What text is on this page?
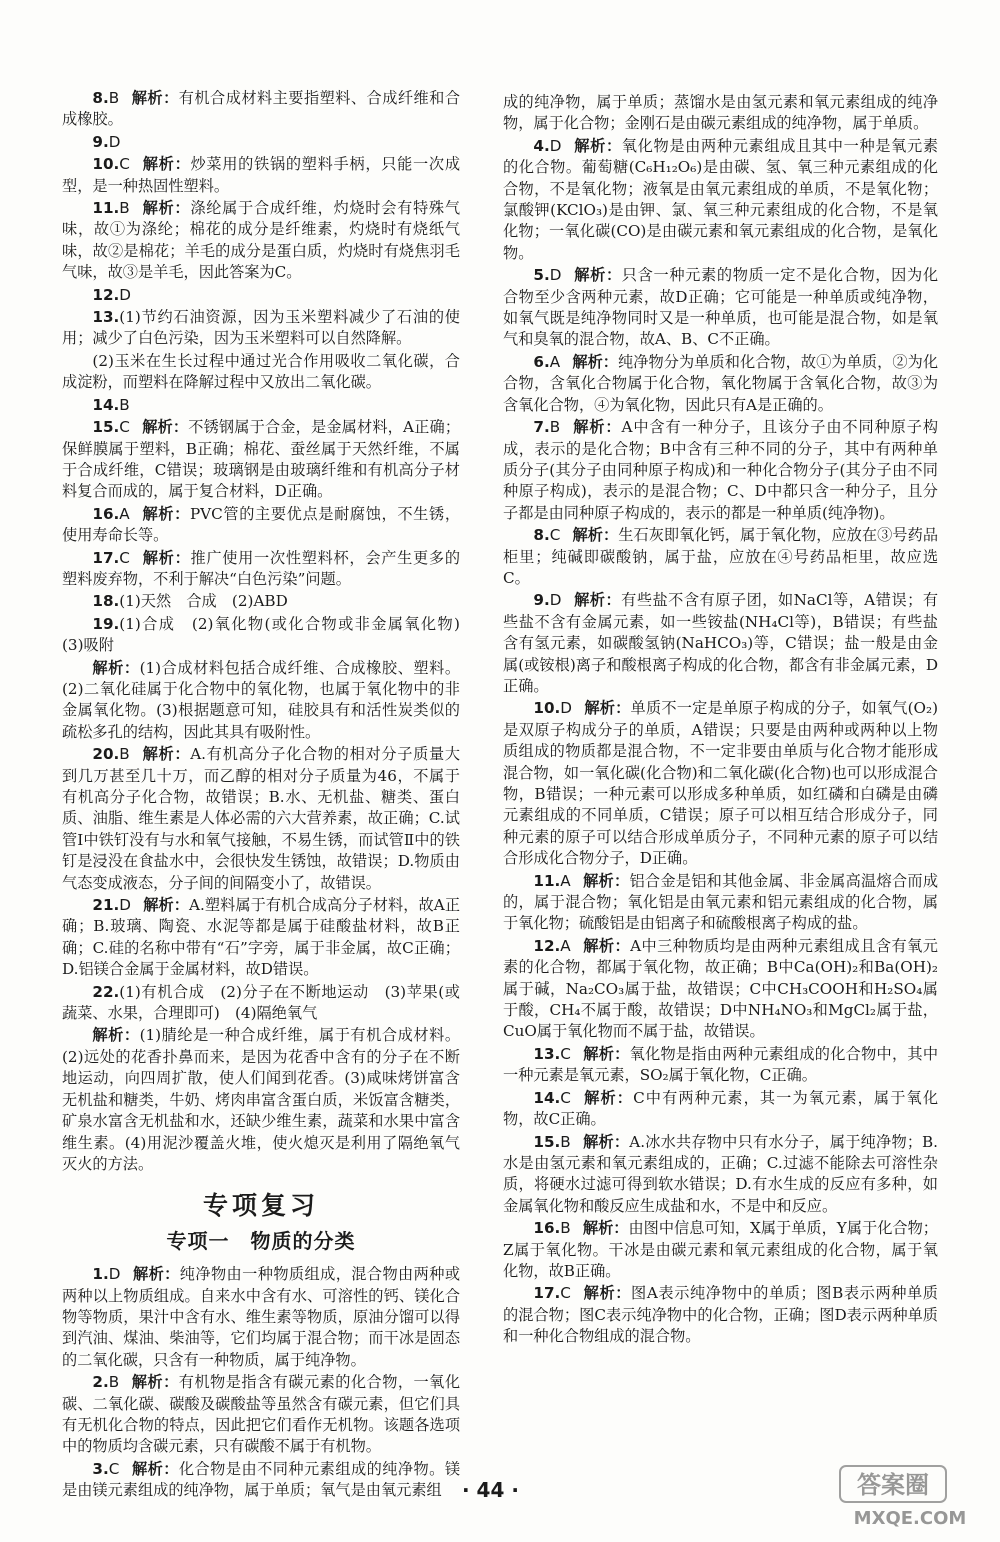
8.B 解析：有机合成材料主要指塑料、合成纤维和合成橡胶。

9.D

10.C 解析：炒菜用的铁锅的塑料手柄，只能一次成型，是一种热固性塑料。

11.B 解析：涤纶属于合成纤维，灼烧时会有特殊气味，故①为涤纶；棉花的成分是纤维素，灼烧时有烧纸气味，故②是棉花；羊毛的成分是蛋白质，灼烧时有烧焦羽毛气味，故③是羊毛，因此答案为C。

12.D

13.(1)节约石油资源，因为玉米塑料减少了石油的使用；减少了白色污染，因为玉米塑料可以自然降解。

(2)玉米在生长过程中通过光合作用吸收二氧化碳，合成淀粉，而塑料在降解过程中又放出二氧化碳。

14.B

15.C 解析：不锈钢属于合金，是金属材料，A正确；保鲜膜属于塑料，B正确；棉花、蚕丝属于天然纤维，不属于合成纤维，C错误；玻璃钢是由玻璃纤维和有机高分子材料复合而成的，属于复合材料，D正确。

16.A 解析：PVC管的主要优点是耐腐蚀，不生锈，使用寿命长等。

17.C 解析：推广使用一次性塑料杯，会产生更多的塑料废弃物，不利于解决“白色污染”问题。

18.(1)天然　合成　(2)ABD

19.(1)合成　(2)氧化物(或化合物或非金属氧化物)　(3)吸附

解析：(1)合成材料包括合成纤维、合成橡胶、塑料。(2)二氧化硅属于化合物中的氧化物，也属于氧化物中的非金属氧化物。(3)根据题意可知，硅胶具有和活性炭类似的疏松多孔的结构，因此其具有吸附性。

20.B 解析：A.有机高分子化合物的相对分子质量大到几万甚至几十万，而乙醇的相对分子质量为46，不属于有机高分子化合物，故错误；B.水、无机盐、糖类、蛋白质、油脂、维生素是人体必需的六大营养素，故正确；C.试管Ⅰ中铁钉没有与水和氧气接触，不易生锈，而试管Ⅱ中的铁钉是浸没在食盐水中，会很快发生锈蚀，故错误；D.物质由气态变成液态，分子间的间隔变小了，故错误。

21.D 解析：A.塑料属于有机合成高分子材料，故A正确；B.玻璃、陶瓷、水泥等都是属于硅酸盐材料，故B正确；C.硅的名称中带有“石”字旁，属于非金属，故C正确；D.铝镁合金属于金属材料，故D错误。

22.(1)有机合成　(2)分子在不断地运动　(3)苹果(或蔬菜、水果，合理即可)　(4)隔绝氧气

解析：(1)腈纶是一种合成纤维，属于有机合成材料。(2)远处的花香扑鼻而来，是因为花香中含有的分子在不断地运动，向四周扩散，使人们闻到花香。(3)咸味烤饼富含无机盐和糖类，牛奶、烤肉串富含蛋白质，米饭富含糖类，矿泉水富含无机盐和水，还缺少维生素，蔬菜和水果中富含维生素。(4)用泥沙覆盖火堆，使火熄灭是利用了隔绝氧气灭火的方法。

专项复习
专项一　物质的分类

1.D 解析：纯净物由一种物质组成，混合物由两种或两种以上物质组成。自来水中含有水、可溶性的钙、镁化合物等物质，果汁中含有水、维生素等物质，原油分馏可以得到汽油、煤油、柴油等，它们均属于混合物；而干冰是固态的二氧化碳，只含有一种物质，属于纯净物。

2.B 解析：有机物是指含有碳元素的化合物，一氧化碳、二氧化碳、碳酸及碳酸盐等虽然含有碳元素，但它们具有无机化合物的特点，因此把它们看作无机物。该题各选项中的物质均含碳元素，只有碳酸不属于有机物。

3.C 解析：化合物是由不同种元素组成的纯净物。镁是由镁元素组成的纯净物，属于单质；氧气是由氧元素组

成的纯净物，属于单质；蒸馏水是由氢元素和氧元素组成的纯净物，属于化合物；金刚石是由碳元素组成的纯净物，属于单质。

4.D 解析：氧化物是由两种元素组成且其中一种是氧元素的化合物。葡萄糖(C₆H₁₂O₆)是由碳、氢、氧三种元素组成的化合物，不是氧化物；液氧是由氧元素组成的单质，不是氧化物；氯酸钾(KClO₃)是由钾、氯、氧三种元素组成的化合物，不是氧化物；一氧化碳(CO)是由碳元素和氧元素组成的化合物，是氧化物。

5.D 解析：只含一种元素的物质一定不是化合物，因为化合物至少含两种元素，故D正确；它可能是一种单质或纯净物，如氧气既是纯净物同时又是一种单质，也可能是混合物，如是氧气和臭氧的混合物，故A、B、C不正确。

6.A 解析：纯净物分为单质和化合物，故①为单质，②为化合物，含氧化合物属于化合物，氧化物属于含氧化合物，故③为含氧化合物，④为氧化物，因此只有A是正确的。

7.B 解析：A中含有一种分子，且该分子由不同种原子构成，表示的是化合物；B中含有三种不同的分子，其中有两种单质分子(其分子由同种原子构成)和一种化合物分子(其分子由不同种原子构成)，表示的是混合物；C、D中都只含一种分子，且分子都是由同种原子构成的，表示的都是一种单质(纯净物)。

8.C 解析：生石灰即氧化钙，属于氧化物，应放在③号药品柜里；纯碱即碳酸钠，属于盐，应放在④号药品柜里，故应选C。

9.D 解析：有些盐不含有原子团，如NaCl等，A错误；有些盐不含有金属元素，如一些铵盐(NH₄Cl等)，B错误；有些盐含有氢元素，如碳酸氢钠(NaHCO₃)等，C错误；盐一般是由金属(或铵根)离子和酸根离子构成的化合物，都含有非金属元素，D正确。

10.D 解析：单质不一定是单原子构成的分子，如氧气(O₂)是双原子构成分子的单质，A错误；只要是由两种或两种以上物质组成的物质都是混合物，不一定非要由单质与化合物才能形成混合物，如一氧化碳(化合物)和二氧化碳(化合物)也可以形成混合物，B错误；一种元素可以形成多种单质，如红磷和白磷是由磷元素组成的不同单质，C错误；原子可以相互结合形成分子，同种元素的原子可以结合形成单质分子，不同种元素的原子可以结合形成化合物分子，D正确。

11.A 解析：铝合金是铝和其他金属、非金属高温熔合而成的，属于混合物；氧化铝是由氧元素和铝元素组成的化合物，属于氧化物；硫酸铝是由铝离子和硫酸根离子构成的盐。

12.A 解析：A中三种物质均是由两种元素组成且含有氧元素的化合物，都属于氧化物，故正确；B中Ca(OH)₂和Ba(OH)₂属于碱，Na₂CO₃属于盐，故错误；C中CH₃COOH和H₂SO₄属于酸，CH₄不属于酸，故错误；D中NH₄NO₃和MgCl₂属于盐，CuO属于氧化物而不属于盐，故错误。

13.C 解析：氧化物是指由两种元素组成的化合物中，其中一种元素是氧元素，SO₂属于氧化物，C正确。

14.C 解析：C中有两种元素，其一为氧元素，属于氧化物，故C正确。

15.B 解析：A.冰水共存物中只有水分子，属于纯净物；B.水是由氢元素和氧元素组成的，正确；C.过滤不能除去可溶性杂质，将硬水过滤可得到软水错误；D.有水生成的反应有多种，如金属氧化物和酸反应生成盐和水，不是中和反应。

16.B 解析：由图中信息可知，X属于单质，Y属于化合物；Z属于氧化物。干冰是由碳元素和氧元素组成的化合物，属于氧化物，故B正确。

17.C 解析：图A表示纯净物中的单质；图B表示两种单质的混合物；图C表示纯净物中的化合物，正确；图D表示两种单质和一种化合物组成的混合物。

· 44 ·	答案圈
MXQE.COM
